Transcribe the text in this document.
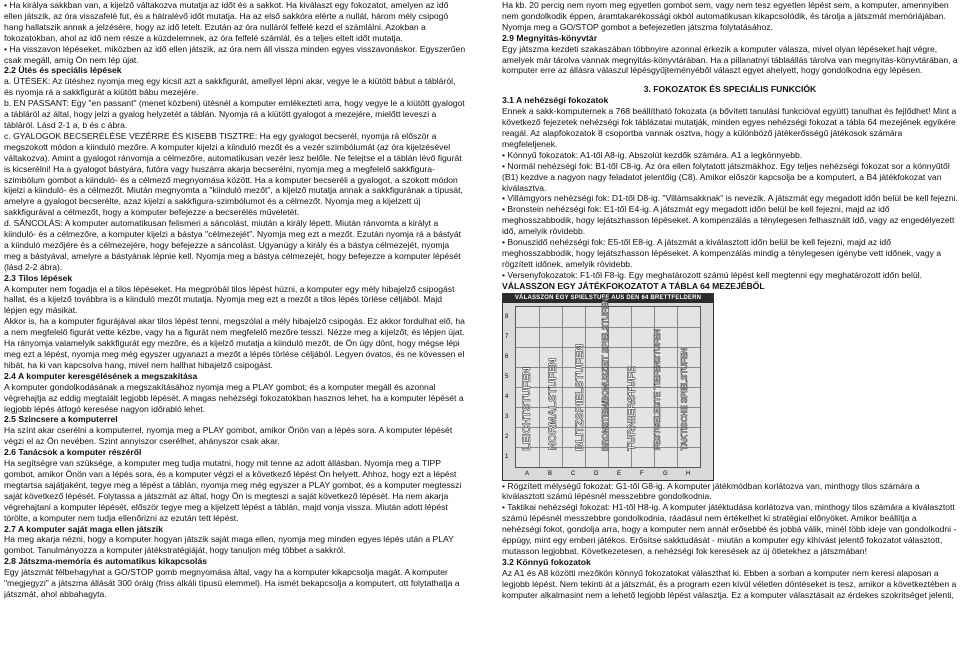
• Ha királya sakkban van, a kijelző váltakozva mutatja az időt és a sakkot. Ha kiválaszt egy fokozatot, amelyen az idő ellen játszik, az óra visszafelé fut, és a hátralévő időt mutatja. Ha az első sakkóra elérte a nullát, három mély csipogó hang hallatszik annak a jelzésére, hogy az idő letelt. Ezután az óra nulláról felfelé kezd el számlálni. Azokban a fokozatokban, ahol az idő nem része a küzdelemnek, az óra felfelé számlál, és a teljes eltelt időt mutatja.

• Ha visszavon lépéseket, miközben az idő ellen játszik, az óra nem áll vissza minden egyes visszavonáskor. Egyszerűen csak megáll, amíg Ön nem lép újat.

2.2 Ütés és speciális lépések

a. ÜTÉSEK: Az ütéshez nyomja meg egy kicsit azt a sakkfigurát, amellyel lépni akar, vegye le a kiütött bábut a tábláról, és nyomja rá a sakkfigurát a kiütött bábu mezejére.

b. EN PASSANT: Egy "en passant" (menet közbeni) ütésnél a komputer emlékezteti arra, hogy vegye le a kiütött gyalogot a tábláról az által, hogy jelzi a gyalog helyzetét a táblán. Nyomja rá a kiütött gyalogot a mezejére, mielőtt leveszi a tábláról. Lásd 2-1 a, b és c ábra.

c. GYALOGOK BECSERÉLÉSE VEZÉRRE ÉS KISEBB TISZTRE: Ha egy gyalogot becserél, nyomja rá először a megszokott módon a kiinduló mezőre. A komputer kijelzi a kiinduló mezőt és a vezér szimbólumát (az óra kijelzésével váltakozva). Amint a gyalogot ránvomja a célmezőre, automatikusan vezér lesz belőle. Ne felejtse el a táblán lévő figurát is kicserélni! Ha a gyalogot bástyára, futóra vagy huszárra akarja becserélni, nyomja meg a megfelelő sakkfigura-szimbólum gombot a kiinduló- és a célmező megnyomása között. Ha a komputer becseréli a gyalogot, a szokott módon kijelzi a kiinduló- és a célmezőt. Miután megnyomta a "kiinduló mezőt", a kijelző mutatja annak a sakkfigurának a típusát, amelyre a gyalogot becserélte, azaz kijelzi a sakkfigura-szimbólumot és a célmezőt. Nyomja meg a kijelzett új sakkfigurával a célmezőt, hogy a komputer befejezze a becserélés műveletét.

d. SÁNCOLÁS: A komputer automatikusan felismeri a sáncolást, miután a király lépett. Miután ránvomta a királyt a kiinduló- és a célmezőre, a komputer kijelzi a bástya "célmezejét". Nyomja meg ezt a mezőt. Ezután nyomja rá a bástyát a kiinduló mezőjére és a célmezejére, hogy befejezze a sáncolást. Ugyanúgy a király és a bástya célmezejét, nyomja meg a bástyával, amelyre a bástyának lépnie kell. Nyomja meg a bástya célmezejét, hogy befejezze a komputer lépését (lásd 2-2 ábra).

2.3 Tilos lépések

A komputer nem fogadja el a tilos lépéseket. Ha megpróbál tilos lépést húzni, a komputer egy mély hibajelző csipogást hallat, és a kijelző továbbra is a kiinduló mezőt mutatja. Nyomja meg ezt a mezőt a tilos lépés törlése céljából. Majd lépjen egy másikat.

Akkor is, ha a komputer figurájával akar tilos lépést tenni, megszólal a mély hibajelző csipogás. Ez akkor fordulhat elő, ha a nem megfelelő figurát vette kézbe, vagy ha a figurát nem megfelelő mezőre tesszi. Nézze meg a kijelzőt, és lépjen újat. Ha rányomja valamelyik sakkfigurát egy mezőre, és a kijelző mutatja a kiinduló mezőt, de Ön úgy dönt, hogy mégse lépi meg ezt a lépést, nyomja meg még egyszer ugyanazt a mezőt a lépés törlése céljából. Legyen óvatos, és ne kövessen el hibát, ha ki van kapcsolva hang, mivel nem hallhat hibajelző csipogást.

2.4 A komputer keresgélésének a megszakítása

A komputer gondolkodásának a megszakításához nyomja meg a PLAY gombot; és a komputer megáll és azonnal végrehajtja az eddig megtalált legjobb lépését. A magas nehézségi fokozatokban hasznos lehet, ha a komputer lépését a legjobb lépés átfogó keresése nagyon időrabló lehet.

2.5 Szincsere a komputerrel

Ha színt akar cserélni a komputerrel, nyomja meg a PLAY gombot, amikor Önön van a lépés sora. A komputer lépését végzi el az Ön nevében. Szint annyiszor cserélhet, ahányszor csak akar.

2.6 Tanácsok a komputer részéről

Ha segítségre van szüksége, a komputer meg tudja mutatni, hogy mit tenne az adott állásban. Nyomja meg a TIPP gombot, amikor Önön van a lépés sora, és a komputer végzi el a következő lépést Ön helyett. Ahhoz, hogy ezt a lépést megtartsa sajátjaként, tegye meg a lépést a táblán, nyomja meg még egyszer a PLAY gombot, és a komputer megtesszi saját következő lépését. Folytassa a játszmát az által, hogy Ön is megteszi a saját következő lépését. Ha nem akarja végrehajtani a komputer lépését, először tegye meg a kijelzett lépést a táblán, majd vonja vissza. Miután adott lépést törölte, a komputer nem tudja ellenőrizni az ezután tett lépést.

2.7 A komputer saját maga ellen játszik

Ha meg akarja nézni, hogy a komputer hogyan játszik saját maga ellen, nyomja meg minden egyes lépés után a PLAY gombot. Tanulmányozza a komputer játékstratégiáját, hogy tanuljon még többet a sakkról.

2.8 Játszma-memória és automatikus kikapcsolás

Egy játszmát félbehagyhat a GO/STOP gomb megnyomása által, vagy ha a komputer kikapcsolja magát. A komputer "megjegyzi" a játszma állását 300 óráig (friss alkáli típusú elemmel). Ha ismét bekapcsolja a komputert, ott folytathatja a játszmát, ahol abbahagyta.

Ha kb. 20 percig nem nyom meg egyetlen gombot sem, vagy nem tesz egyetlen lépést sem, a komputer, amennyiben nem gondolkodik éppen, áramtakarékossági okból automatikusan kikapcsolódik, és tárolja a játszmát memóriájában. Nyomja meg a GO/STOP gombot a befejezetlen játszma folytatásához.

2.9 Megnyitás-könyvtár

Egy játszma kezdeti szakaszában többnyire azonnal érkezik a komputer válasza, mivel olyan lépéseket hajt végre, amelyek már tárolva vannak megnyitás-könyvtárában. Ha a pillanatnyi táblaállás tárolva van megnyitás-könyvtárában, a komputer erre az állásra válaszul lépésgyűjteményéből választ egyet ahelyett, hogy gondolkodna egy lépésen.

3. FOKOZATOK ÉS SPECIÁLIS FUNKCIÓK

3.1 A nehézségi fokozatok

Ennek a sakk-komputernek a 768 beállítható fokozata (a bővített tanulási funkcióval együtt) tanulhat és fejlődhet! Mint a következő fejezetek nehézségi fok táblázatai mutatják, minden egyes nehézségi fokozat a tábla 64 mezejének egyikére reagál. Az alapfokozatok 8 csoportba vannak osztva, hogy a különböző játékerősségű játékosok számára megfeleljenek.

• Kónnyű fokozatok: A1-től A8-ig. Abszolút kezdők számára. A1 a legkönnyebb.

• Normál nehézségi fok: B1-től C8-ig. Az óra ellen folytatott játszmákhoz. Egy teljes nehézségi fokozat sor a könnyűtől (B1) kezdve a nagyon nagy feladatot jelentőig (C8). Amikor először kapcsolja be a komputert, a B4 játékfokozat van kiválasztva.

• Villámgyors nehézségi fok: D1-től D8-ig. "Villámsakknak" is nevezik. A játszmát egy megadott időn belül be kell fejezni.

• Bronstein nehézségi fok: E1-től E4-ig. A játszmát egy megadott időn belül be kell fejezni, majd az idő meghosszabbodik, hogy lejátszhasson lépéseket. A kompenzálás a ténylegesen felhasznált idő, vagy az engedélyezett idő, amelyik rövidebb.

• Bonuszidő nehézségi fok: E5-től E8-ig. A játszmát a kiválasztott időn belül be kell fejezni, majd az idő meghosszabbodik, hogy lejátszhasson lépéseket. A kompenzálás mindig a ténylegesen igénybe vett időnek, vagy a rögzített időnek, amelyik rövidebb.

• Versenyfokozatok: F1-től F8-ig. Egy meghatározott számú lépést kell megtenni egy meghatározott időn belül.

VÁLASSZON EGY JÁTÉKFOKOZATOT A TÁBLA 64 MEZEJÉBŐL

VÁLASSZON EGY SPIELSTUFE AUS DEN 64 BRETTFELDERN
LEICHTSTUFEN NORMALSTUFEN BLITZSPIELSTUFEN BRONSTEIN/BONUSZEIT SPIELSTUFEN TURNIERSTUFE FESTGELEGTE TIEFENSTUFEN TAKTISCHE SPIELSTUFEN
8
7
6
5
4
3
2
1
A	B	C	D	E	F	G	H

• Rögzített mélységű fokozat: G1-től G8-ig. A komputer játékmódban korlátozva van, minthogy tilos számára a kiválasztott számú lépésnél messzebbre gondolkodnia.

• Taktikai nehézségi fokozat: H1-től H8-ig. A komputer játéktudása korlátozva van, minthogy tilos számára a kiválasztott számú lépésnél messzebbre gondolkodnia, ráadásul nem értékelhet ki stratégiai előnyöket. Amikor beállítja a nehézségi fokot, gondolja arra, hogy a komputer nem annál erősebbé és jobbá válik, minél több ideje van gondolkodni - éppúgy, mint egy emberi játékos. Erősítse sakktudását - miután a komputer egy kihívást jelentő fokozatot választott, mutasson legjobbat. Következetesen, a nehézségi fok keresések az új ötletekhez a játszmában!

3.2 Könnyű fokozatok

Az A1 és A8 közötti mezőkön könnyű fokozatokat választhat ki. Ebben a sorban a komputer nem keresi alaposan a legjobb lépést. Nem tekinti át a játszmát, és a program ezen kívül véletlen döntéseket is tesz, amikor a következtében a komputer alkalmasint nem a lehető legjobb lépést választja. Ez a komputer választásait az érdekes szokritséget jelenti,
